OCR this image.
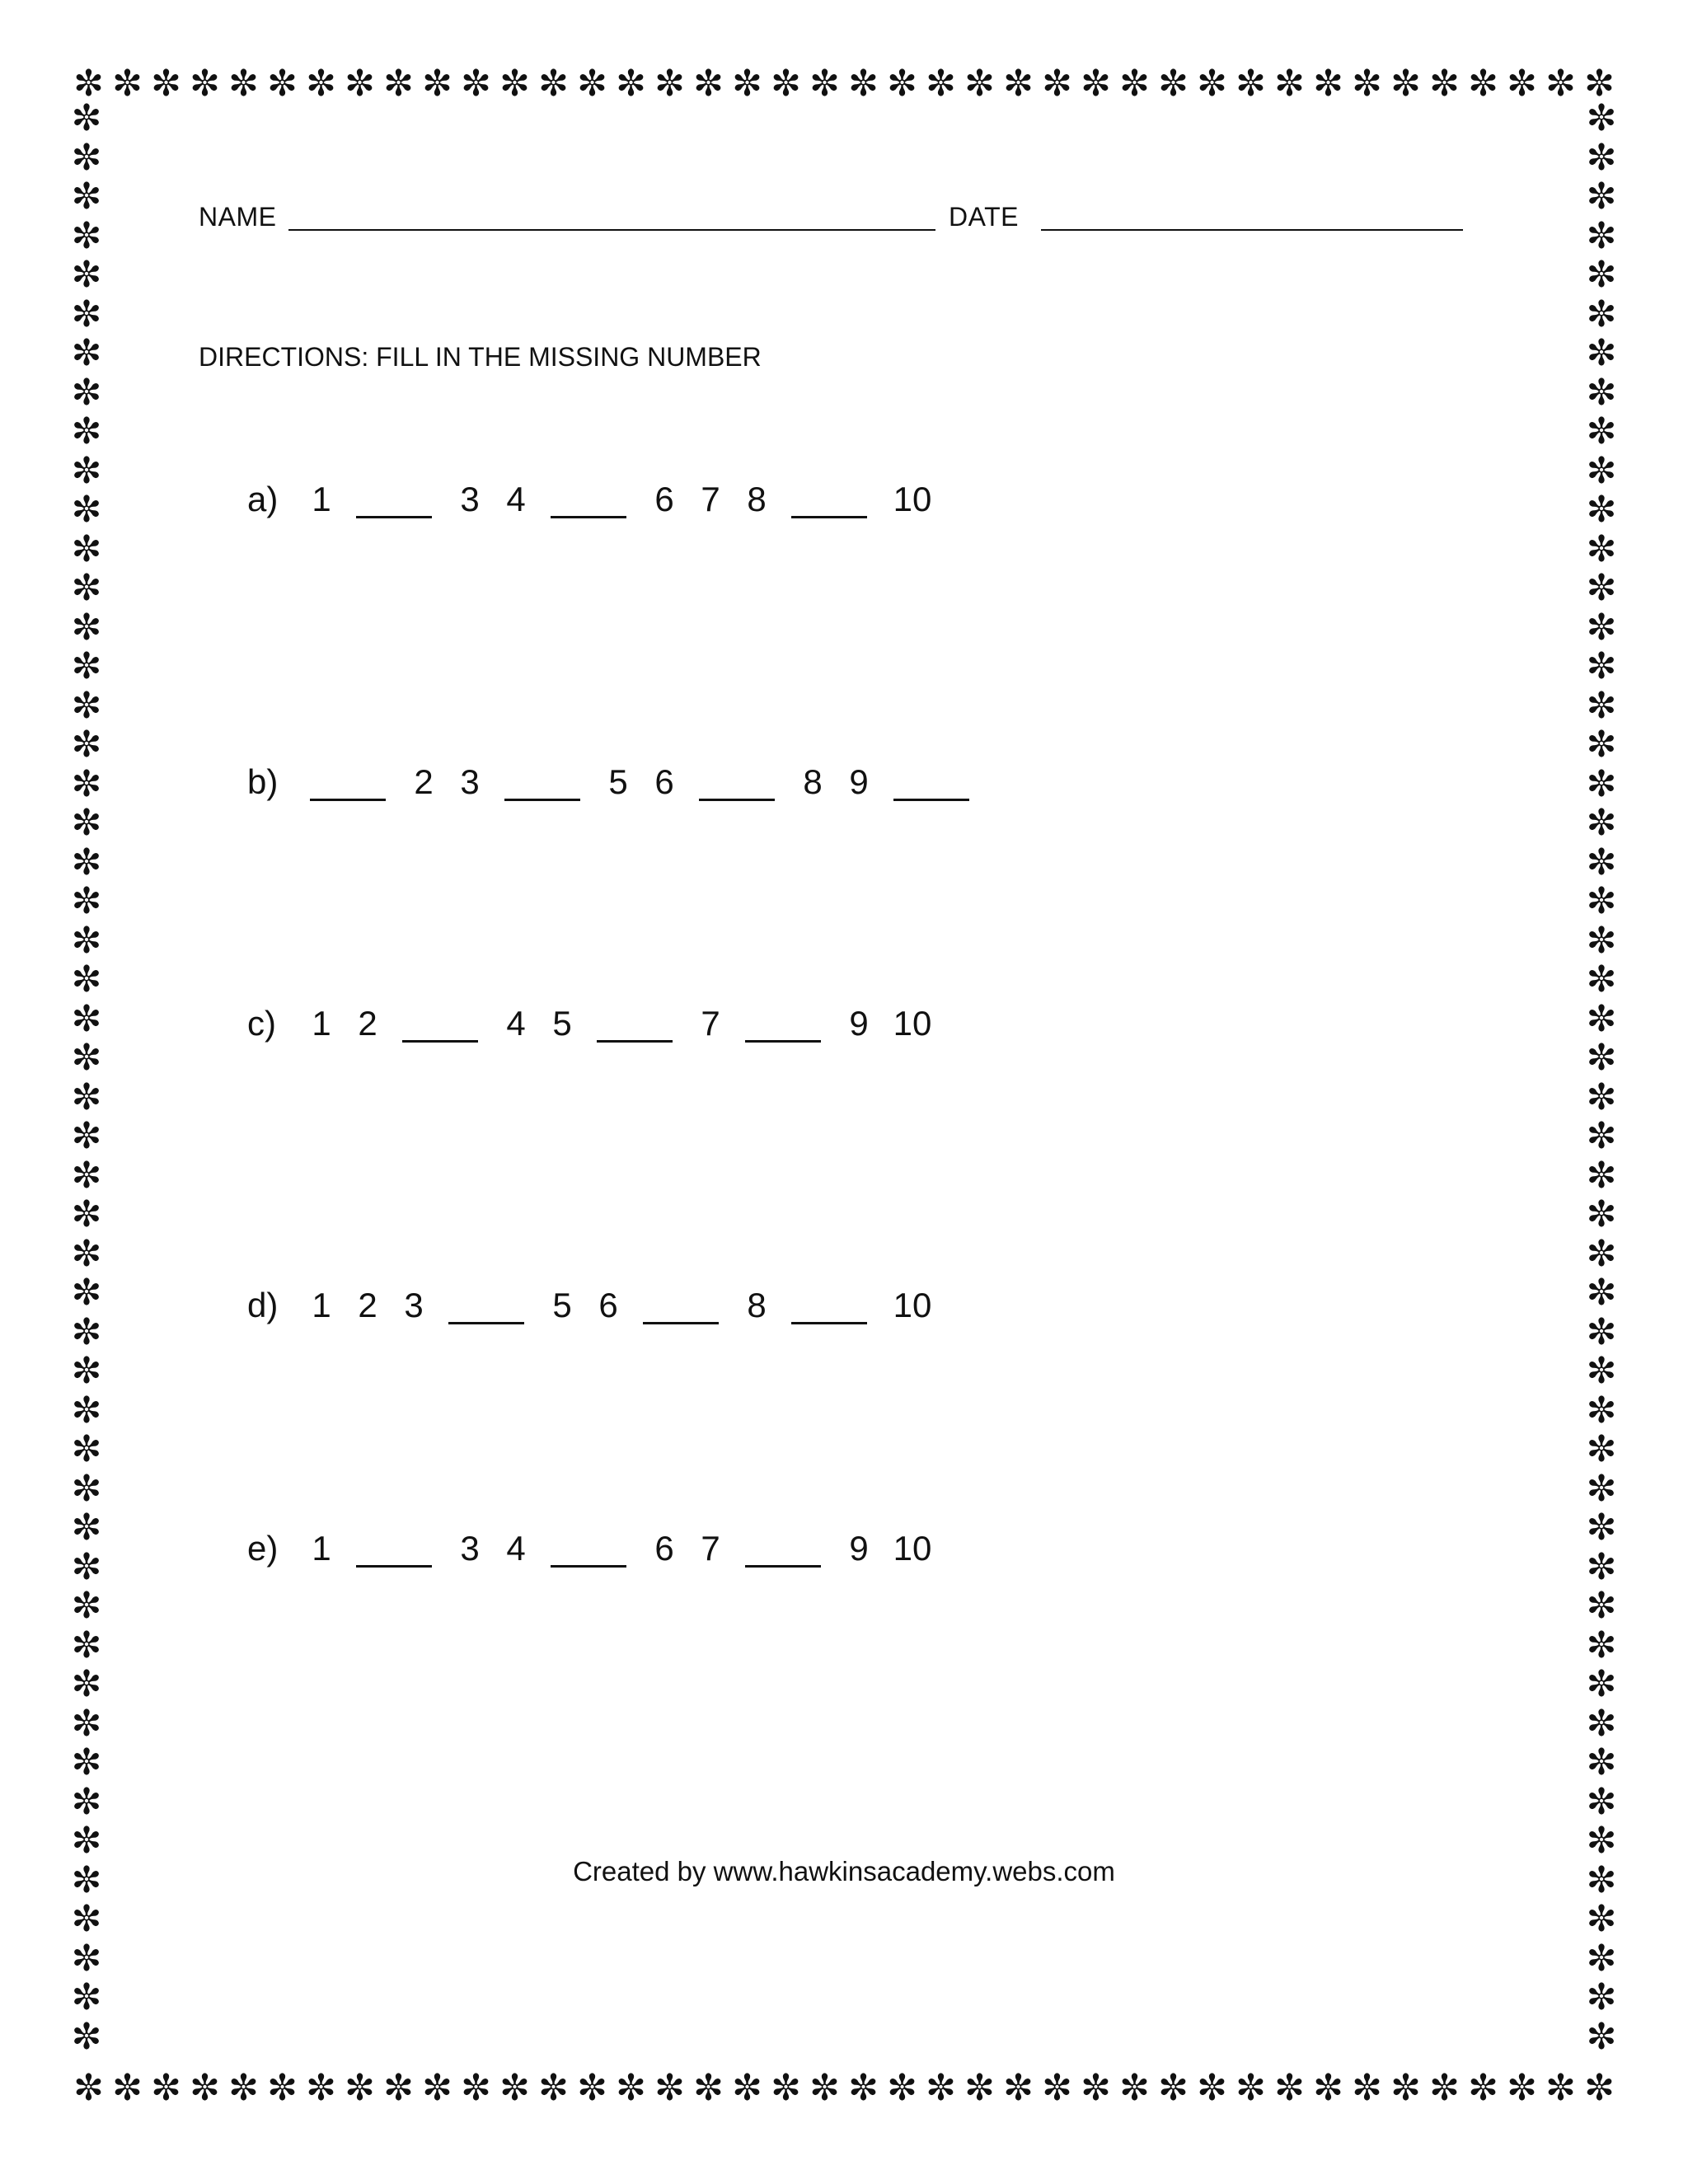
✼ ✼ ✼ ✼ ✼ ✼ ✼ ✼ ✼ ✼ ✼ ✼ ✼ ✼ ✼ ✼ ✼ ✼ ✼ ✼ ✼ ✼ ✼ ✼ ✼ ✼ ✼ ✼ ✼ ✼ ✼ ✼ ✼ ✼ ✼ ✼ ✼ ✼ ✼ ✼
✼ ✼ ✼ ✼ ✼ ✼ ✼ ✼ ✼ ✼ ✼ ✼ ✼ ✼ ✼ ✼ ✼ ✼ ✼ ✼ ✼ ✼ ✼ ✼ ✼ ✼ ✼ ✼ ✼ ✼ ✼ ✼ ✼ ✼ ✼ ✼ ✼ ✼ ✼ ✼
✼
✼
✼
✼
✼
✼
✼
✼
✼
✼
✼
✼
✼
✼
✼
✼
✼
✼
✼
✼
✼
✼
✼
✼
✼
✼
✼
✼
✼
✼
✼
✼
✼
✼
✼
✼
✼
✼
✼
✼
✼
✼
✼
✼
✼
✼
✼
✼
✼
✼
✼
✼
✼
✼
✼
✼
✼
✼
✼
✼
✼
✼
✼
✼
✼
✼
✼
✼
✼
✼
✼
✼
✼
✼
✼
✼
✼
✼
✼
✼
✼
✼
✼
✼
✼
✼
✼
✼
✼
✼
✼
✼
✼
✼
✼
✼
✼
✼
✼
✼
NAME	DATE
DIRECTIONS: FILL IN THE MISSING NUMBER
a) 1	3 4	6 7 8	10
b)	2 3	5 6	8 9
c)	1 2	4 5	7	9 10
d) 1 2 3	5 6	8	10
e) 1	3 4	6 7	9 10
Created by www.hawkinsacademy.webs.com
